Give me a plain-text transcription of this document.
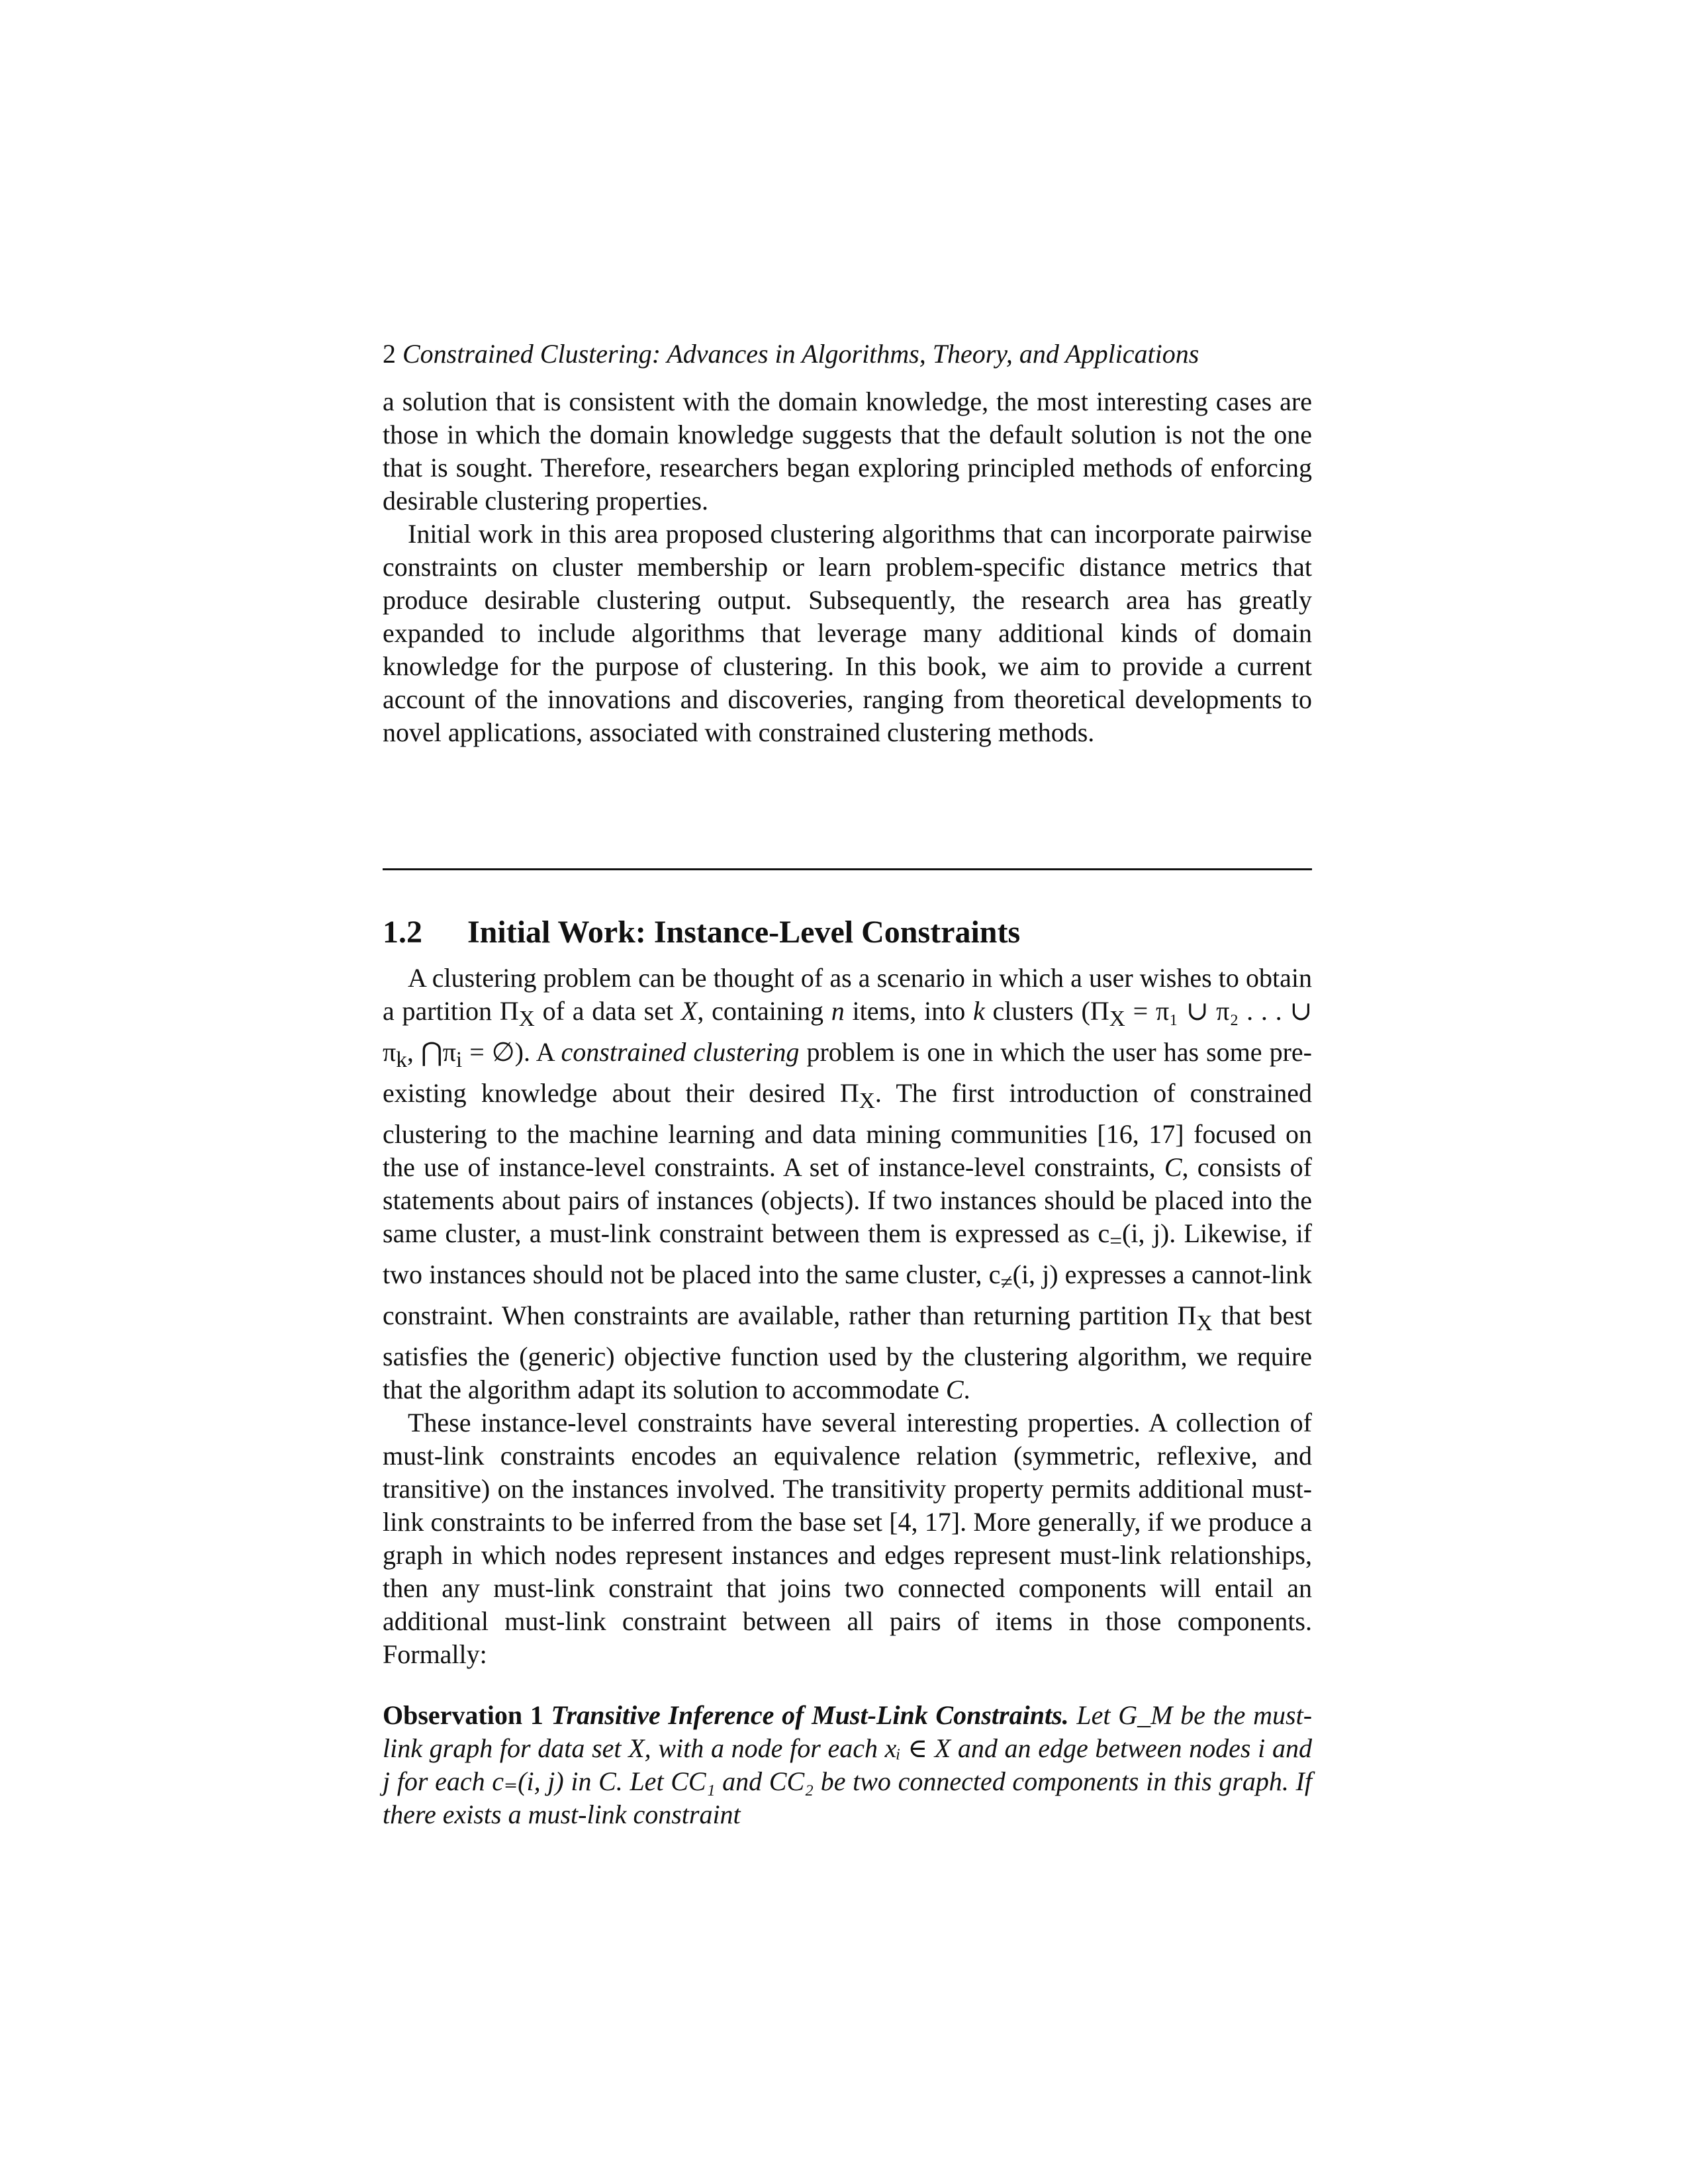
2 Constrained Clustering: Advances in Algorithms, Theory, and Applications

a solution that is consistent with the domain knowledge, the most interesting cases are those in which the domain knowledge suggests that the default solution is not the one that is sought. Therefore, researchers began exploring principled methods of enforcing desirable clustering properties.

Initial work in this area proposed clustering algorithms that can incorporate pairwise constraints on cluster membership or learn problem-specific distance metrics that produce desirable clustering output. Subsequently, the research area has greatly expanded to include algorithms that leverage many additional kinds of domain knowledge for the purpose of clustering. In this book, we aim to provide a current account of the innovations and discoveries, ranging from theoretical developments to novel applications, associated with constrained clustering methods.

1.2 Initial Work: Instance-Level Constraints

A clustering problem can be thought of as a scenario in which a user wishes to obtain a partition $\Pi_X$ of a data set X, containing n items, into k clusters ($\Pi_X = \pi_1$ ∪ π₂ . . . ∪ $\pi_k$, $⋂\pi_i$ = ∅). A constrained clustering problem is one in which the user has some pre-existing knowledge about their desired $\Pi_X$. The first introduction of constrained clustering to the machine learning and data mining communities [16, 17] focused on the use of instance-level constraints. A set of instance-level constraints, C, consists of statements about pairs of instances (objects). If two instances should be placed into the same cluster, a must-link constraint between them is expressed as $c_=(i$, j). Likewise, if two instances should not be placed into the same cluster, $c_\ne(i$, j) expresses a cannot-link constraint. When constraints are available, rather than returning partition $\Pi_X$ that best satisfies the (generic) objective function used by the clustering algorithm, we require that the algorithm adapt its solution to accommodate C.

These instance-level constraints have several interesting properties. A collection of must-link constraints encodes an equivalence relation (symmetric, reflexive, and transitive) on the instances involved. The transitivity property permits additional must-link constraints to be inferred from the base set [4, 17]. More generally, if we produce a graph in which nodes represent instances and edges represent must-link relationships, then any must-link constraint that joins two connected components will entail an additional must-link constraint between all pairs of items in those components. Formally:

Observation 1 Transitive Inference of Must-Link Constraints. Let G_M be the must-link graph for data set X, with a node for each xᵢ ∈ X and an edge between nodes i and j for each c₌(i, j) in C. Let CC₁ and CC₂ be two connected components in this graph. If there exists a must-link constraint
